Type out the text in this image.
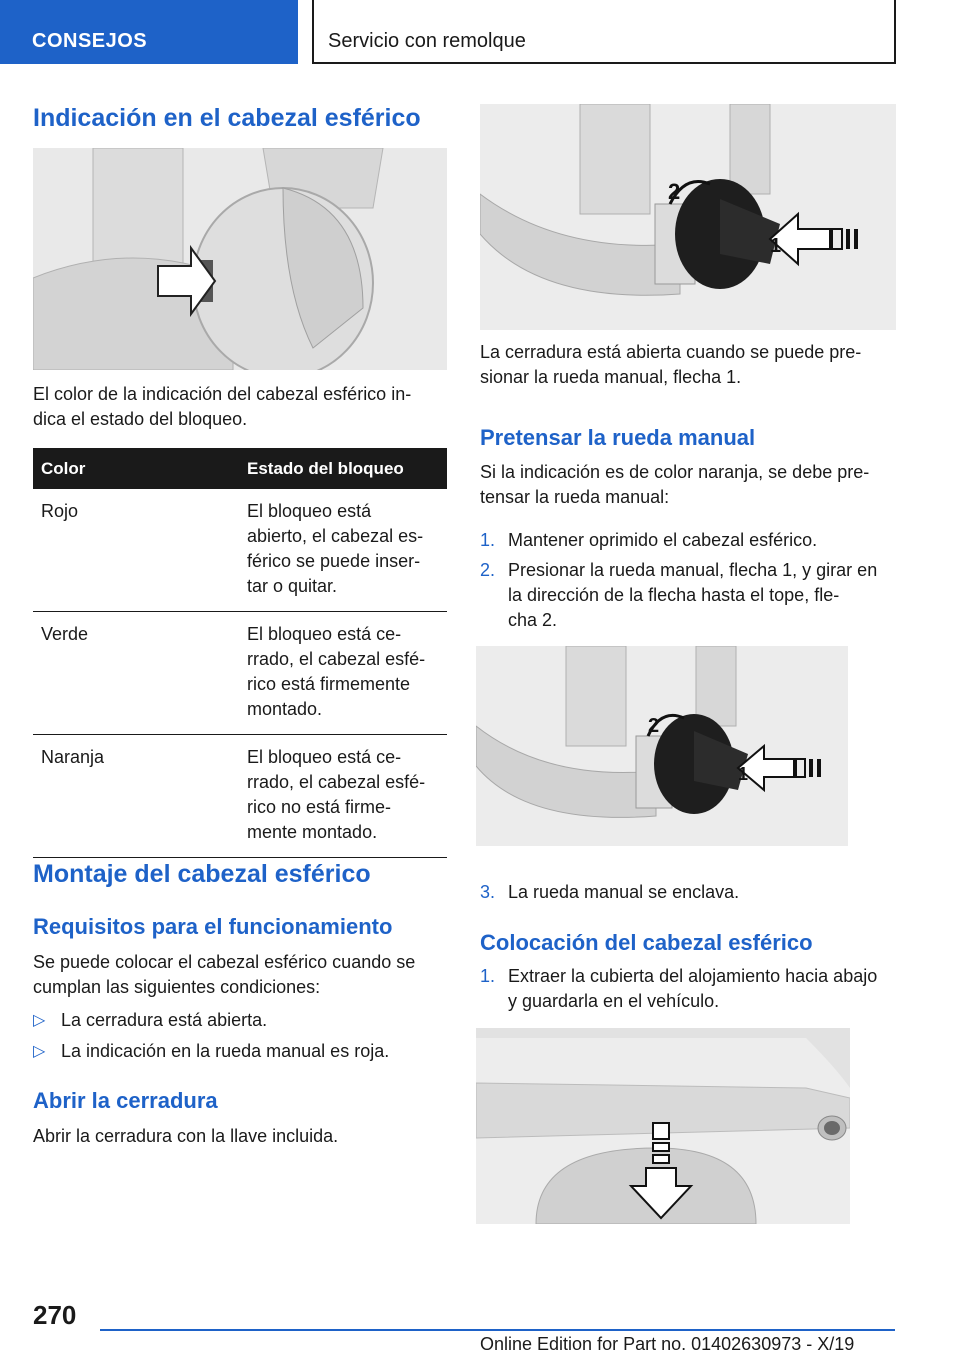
CONSEJOS	Servicio con remolque
Indicación en el cabezal esférico
El color de la indicación del cabezal esférico in-
dica el estado del bloqueo.
Color	Estado del bloqueo
Rojo	El bloqueo está
abierto, el cabezal es-
férico se puede inser-
tar o quitar.

Verde	El bloqueo está ce-
rrado, el cabezal esfé-
rico está firmemente
montado.

Naranja	El bloqueo está ce-
rrado, el cabezal esfé-
rico no está firme-
mente montado.
Montaje del cabezal esférico
Requisitos para el funcionamiento
Se puede colocar el cabezal esférico cuando se
cumplan las siguientes condiciones:
▷ La cerradura está abierta.
▷ La indicación en la rueda manual es roja.
Abrir la cerradura
Abrir la cerradura con la llave incluida.
2
1
La cerradura está abierta cuando se puede pre-
sionar la rueda manual, flecha 1.
Pretensar la rueda manual
Si la indicación es de color naranja, se debe pre-
tensar la rueda manual:
1. Mantener oprimido el cabezal esférico.
2. Presionar la rueda manual, flecha 1, y girar en
la dirección de la flecha hasta el tope, fle-
cha 2.
2
1
3. La rueda manual se enclava.
Colocación del cabezal esférico
1. Extraer la cubierta del alojamiento hacia abajo
y guardarla en el vehículo.
270
Online Edition for Part no. 01402630973 - X/19
